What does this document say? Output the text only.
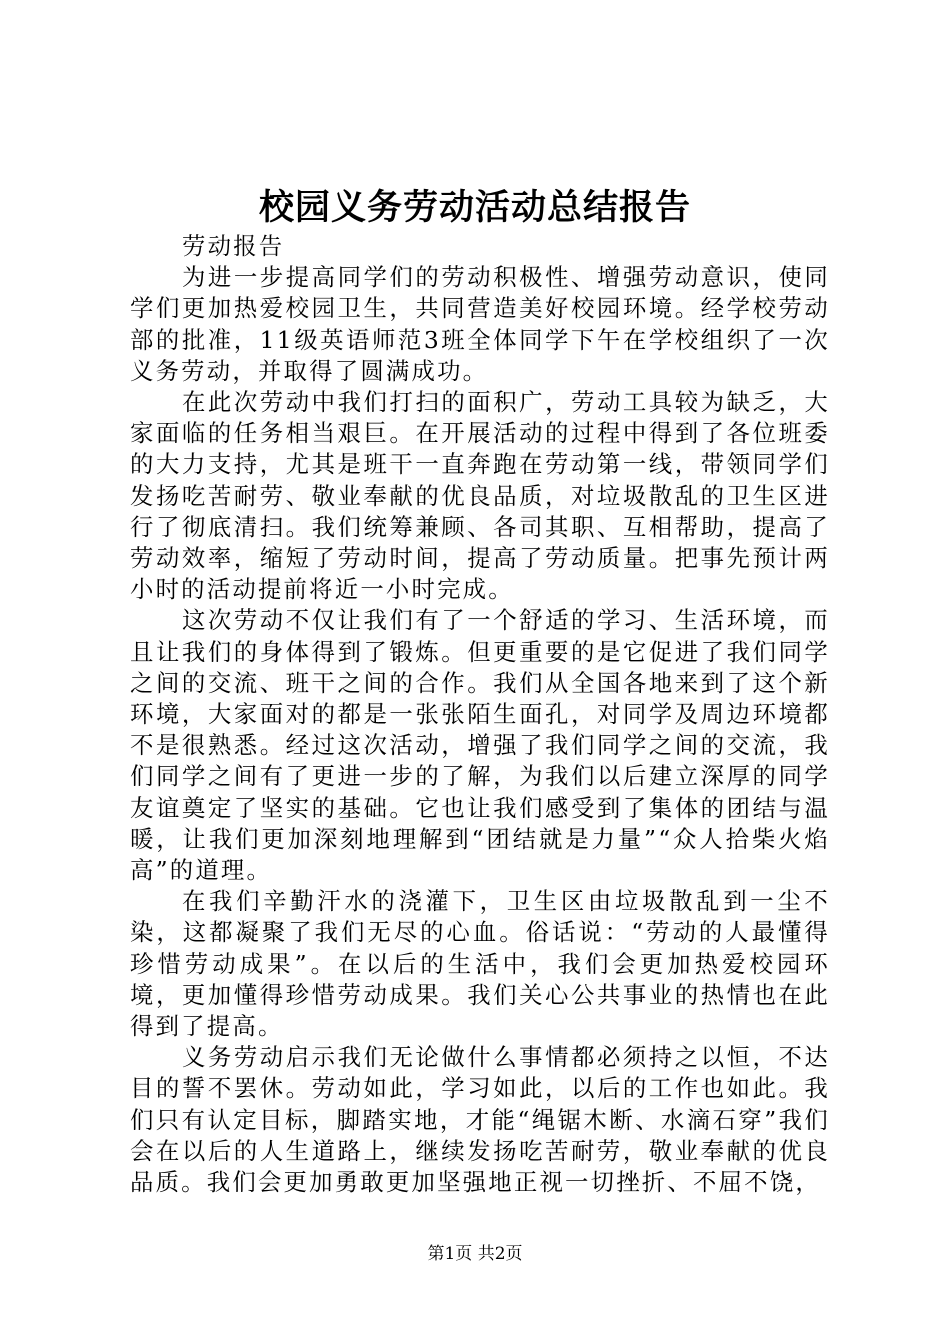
校园义务劳动活动总结报告

劳动报告

为进一步提高同学们的劳动积极性、增强劳动意识，使同学们更加热爱校园卫生，共同营造美好校园环境。经学校劳动部的批准，11级英语师范3班全体同学下午在学校组织了一次义务劳动，并取得了圆满成功。

在此次劳动中我们打扫的面积广，劳动工具较为缺乏，大家面临的任务相当艰巨。在开展活动的过程中得到了各位班委的大力支持，尤其是班干一直奔跑在劳动第一线，带领同学们发扬吃苦耐劳、敬业奉献的优良品质，对垃圾散乱的卫生区进行了彻底清扫。我们统筹兼顾、各司其职、互相帮助，提高了劳动效率，缩短了劳动时间，提高了劳动质量。把事先预计两小时的活动提前将近一小时完成。

这次劳动不仅让我们有了一个舒适的学习、生活环境，而且让我们的身体得到了锻炼。但更重要的是它促进了我们同学之间的交流、班干之间的合作。我们从全国各地来到了这个新环境，大家面对的都是一张张陌生面孔，对同学及周边环境都不是很熟悉。经过这次活动，增强了我们同学之间的交流，我们同学之间有了更进一步的了解，为我们以后建立深厚的同学友谊奠定了坚实的基础。它也让我们感受到了集体的团结与温暖，让我们更加深刻地理解到“团结就是力量”“众人拾柴火焰高”的道理。

在我们辛勤汗水的浇灌下，卫生区由垃圾散乱到一尘不染，这都凝聚了我们无尽的心血。俗话说：“劳动的人最懂得珍惜劳动成果”。在以后的生活中，我们会更加热爱校园环境，更加懂得珍惜劳动成果。我们关心公共事业的热情也在此得到了提高。

义务劳动启示我们无论做什么事情都必须持之以恒，不达目的誓不罢休。劳动如此，学习如此，以后的工作也如此。我们只有认定目标，脚踏实地，才能“绳锯木断、水滴石穿”我们会在以后的人生道路上，继续发扬吃苦耐劳，敬业奉献的优良品质。我们会更加勇敢更加坚强地正视一切挫折、不屈不饶，

第1页 共2页
